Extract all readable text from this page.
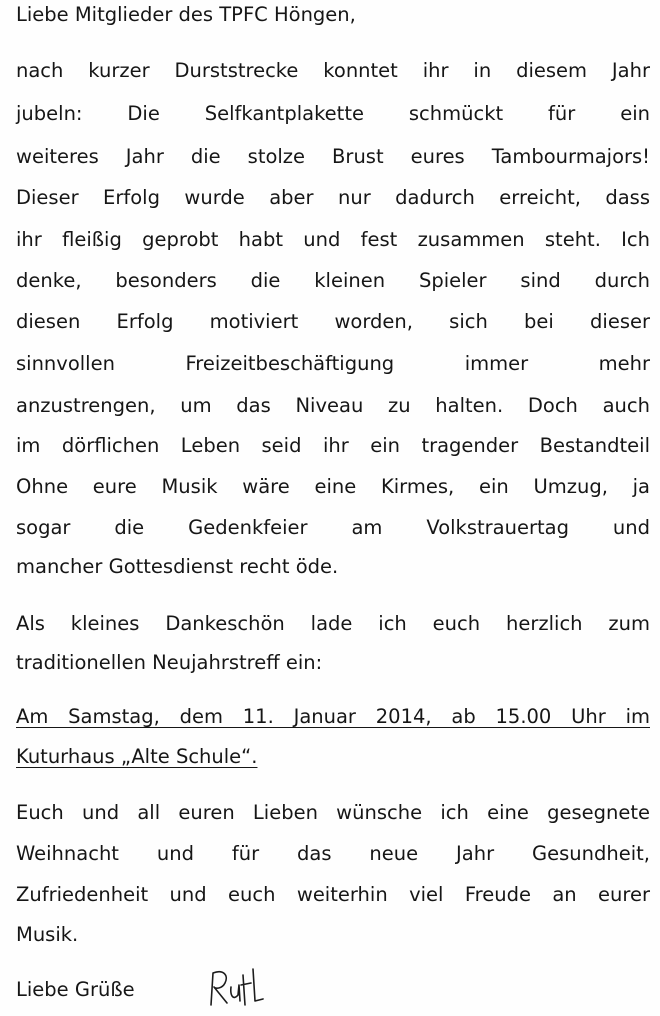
Liebe Mitglieder des TPFC Höngen,
nach kurzer Durststrecke konntet ihr in diesem Jahr
jubeln: Die Selfkantplakette schmückt für ein
weiteres Jahr die stolze Brust eures Tambourmajors!
Dieser Erfolg wurde aber nur dadurch erreicht, dass
ihr fleißig geprobt habt und fest zusammen steht. Ich
denke, besonders die kleinen Spieler sind durch
diesen Erfolg motiviert worden, sich bei dieser
sinnvollen Freizeitbeschäftigung immer mehr
anzustrengen, um das Niveau zu halten. Doch auch
im dörflichen Leben seid ihr ein tragender Bestandteil
Ohne eure Musik wäre eine Kirmes, ein Umzug, ja
sogar die Gedenkfeier am Volkstrauertag und
mancher Gottesdienst recht öde.
Als kleines Dankeschön lade ich euch herzlich zum
traditionellen Neujahrstreff ein:
Am Samstag, dem 11. Januar 2014, ab 15.00 Uhr im
Kuturhaus „Alte Schule“.
Euch und all euren Lieben wünsche ich eine gesegnete
Weihnacht und für das neue Jahr Gesundheit,
Zufriedenheit und euch weiterhin viel Freude an eurer
Musik.
Liebe Grüße
